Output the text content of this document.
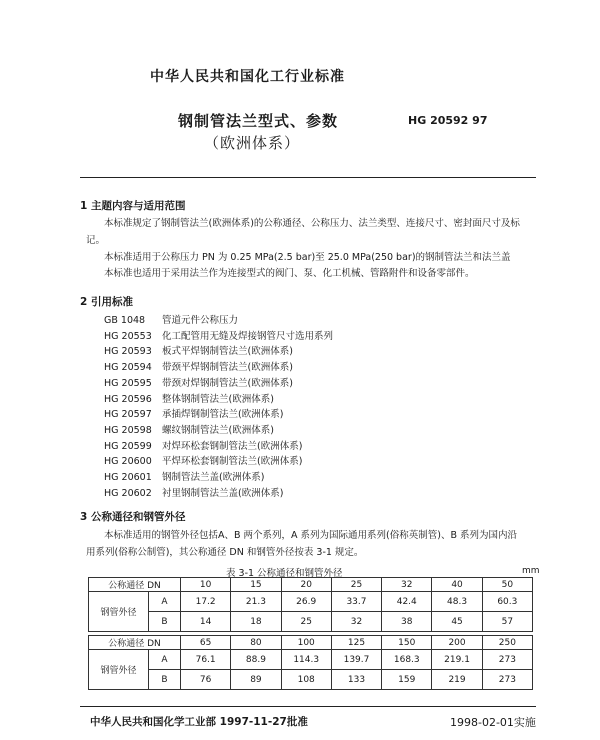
中华人民共和国化工行业标准
钢制管法兰型式、参数	HG 20592 97
（欧洲体系）
1 主题内容与适用范围
本标准规定了钢制管法兰(欧洲体系)的公称通径、公称压力、法兰类型、连接尺寸、密封面尺寸及标
记。
本标准适用于公称压力 PN 为 0.25 MPa(2.5 bar)至 25.0 MPa(250 bar)的钢制管法兰和法兰盖
本标准也适用于采用法兰作为连接型式的阀门、泵、化工机械、管路附件和设备零部件。
2 引用标准
GB 1048 管道元件公称压力
HG 20553 化工配管用无缝及焊接钢管尺寸选用系列
HG 20593 板式平焊钢制管法兰(欧洲体系)
HG 20594 带颈平焊钢制管法兰(欧洲体系)
HG 20595 带颈对焊钢制管法兰(欧洲体系)
HG 20596 整体钢制管法兰(欧洲体系)
HG 20597 承插焊钢制管法兰(欧洲体系)
HG 20598 螺纹钢制管法兰(欧洲体系)
HG 20599 对焊环松套钢制管法兰(欧洲体系)
HG 20600 平焊环松套钢制管法兰(欧洲体系)
HG 20601 钢制管法兰盖(欧洲体系)
HG 20602 衬里钢制管法兰盖(欧洲体系)
3 公称通径和钢管外径
本标准适用的钢管外径包括A、B 两个系列，A 系列为国际通用系列(俗称英制管)、B 系列为国内沿
用系列(俗称公制管)，其公称通径 DN 和钢管外径按表 3-1 规定。
表 3-1 公称通径和钢管外径	mm
公称通径 DN		10	15	20	25	32	40	50
钢管外径	A	17.2	21.3	26.9	33.7	42.4	48.3	60.3
	B	14	18	25	32	38	45	57

公称通径 DN		65	80	100	125	150	200	250
钢管外径	A	76.1	88.9	114.3	139.7	168.3	219.1	273
	B	76	89	108	133	159	219	273
中华人民共和国化学工业部 1997-11-27批准	1998-02-01实施
